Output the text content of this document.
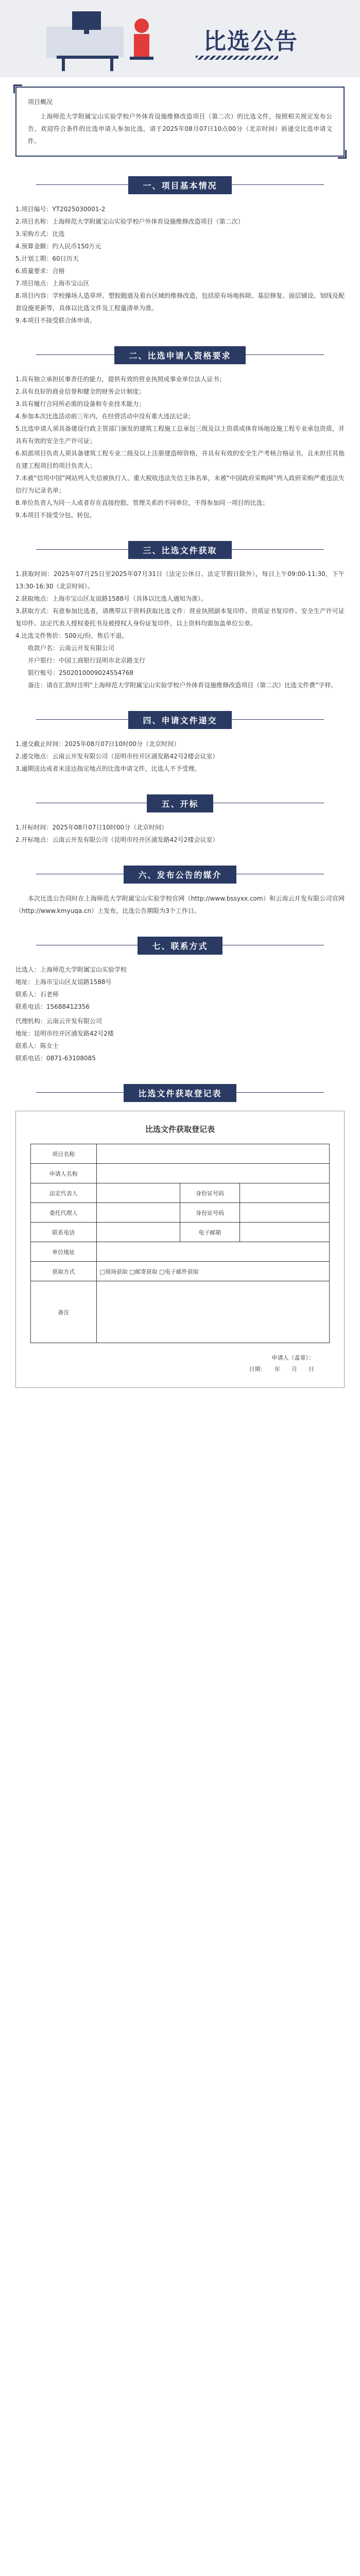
比选公告
项目概况
上海师范大学附属宝山实验学校户外体育设施维修改造项目（第二次）的比选文件，按照相关规定发布公告，欢迎符合条件的比选申请人参加比选，请于2025年08月07日10点00分（北京时间）前递交比选申请文件。
一、项目基本情况
1.项目编号：YT2025030001-2
2.项目名称：上海师范大学附属宝山实验学校户外体育设施维修改造项目（第二次）
3.采购方式：比选
4.预算金额：约人民币150万元
5.计划工期：60日历天
6.质量要求：合格
7.项目地点：上海市宝山区
8.项目内容：学校操场人造草坪、塑胶跑道及看台区域的维修改造，包括原有场地拆除、基层修复、面层铺设、划线及配套设施更新等，具体以比选文件及工程量清单为准。
9.本项目不接受联合体申请。
二、比选申请人资格要求
1.具有独立承担民事责任的能力，提供有效的营业执照或事业单位法人证书；
2.具有良好的商业信誉和健全的财务会计制度；
3.具有履行合同所必需的设备和专业技术能力；
4.参加本次比选活动前三年内，在经营活动中没有重大违法记录；
5.比选申请人须具备建设行政主管部门颁发的建筑工程施工总承包三级及以上资质或体育场地设施工程专业承包资质，并具有有效的安全生产许可证；
6.拟派项目负责人须具备建筑工程专业二级及以上注册建造师资格，并具有有效的安全生产考核合格证书，且未担任其他在建工程项目的项目负责人；
7.未被“信用中国”网站列入失信被执行人、重大税收违法失信主体名单，未被“中国政府采购网”列入政府采购严重违法失信行为记录名单；
8.单位负责人为同一人或者存在直接控股、管理关系的不同单位，不得参加同一项目的比选；
9.本项目不接受分包、转包。
三、比选文件获取
1.获取时间：2025年07月25日至2025年07月31日（法定公休日、法定节假日除外），每日上午09:00-11:30，下午13:30-16:30（北京时间）。
2.获取地点：上海市宝山区友谊路1588号（具体以比选人通知为准）。
3.获取方式：有意参加比选者，请携带以下资料获取比选文件：营业执照副本复印件、资质证书复印件、安全生产许可证复印件、法定代表人授权委托书及被授权人身份证复印件，以上资料均需加盖单位公章。
4.比选文件售价：500元/份，售后不退。
收款户名：云南云开发有限公司
开户银行：中国工商银行昆明市北京路支行
银行账号：2502010009024554768
备注：请在汇款时注明“上海师范大学附属宝山实验学校户外体育设施维修改造项目（第二次）比选文件费”字样。
四、申请文件递交
1.递交截止时间：2025年08月07日10时00分（北京时间）
2.递交地点：云南云开发有限公司（昆明市经开区浦发路42号2楼会议室）
3.逾期送达或者未送达指定地点的比选申请文件，比选人不予受理。
五、开标
1.开标时间：2025年08月07日10时00分（北京时间）
2.开标地点：云南云开发有限公司（昆明市经开区浦发路42号2楼会议室）
六、发布公告的媒介
本次比选公告同时在上海师范大学附属宝山实验学校官网（http://www.bssyxx.com）和云南云开发有限公司官网（http://www.kmyuqa.cn）上发布，比选公告期限为3个工作日。
七、联系方式
比选人：上海师范大学附属宝山实验学校
地址：上海市宝山区友谊路1588号
联系人：石老师
联系电话：15688412356
代理机构：云南云开发有限公司
地址：昆明市经开区浦发路42号2楼
联系人：陈女士
联系电话：0871-63108085
比选文件获取登记表
比选文件获取登记表
项目名称			
申请人名称			
法定代表人		身份证号码	
委托代理人		身份证号码	
联系电话		电子邮箱	
单位地址			
获取方式	□现场获取 □邮寄获取 □电子邮件获取		
备注			
申请人（盖章）：
日期：　　年　　月　　日
